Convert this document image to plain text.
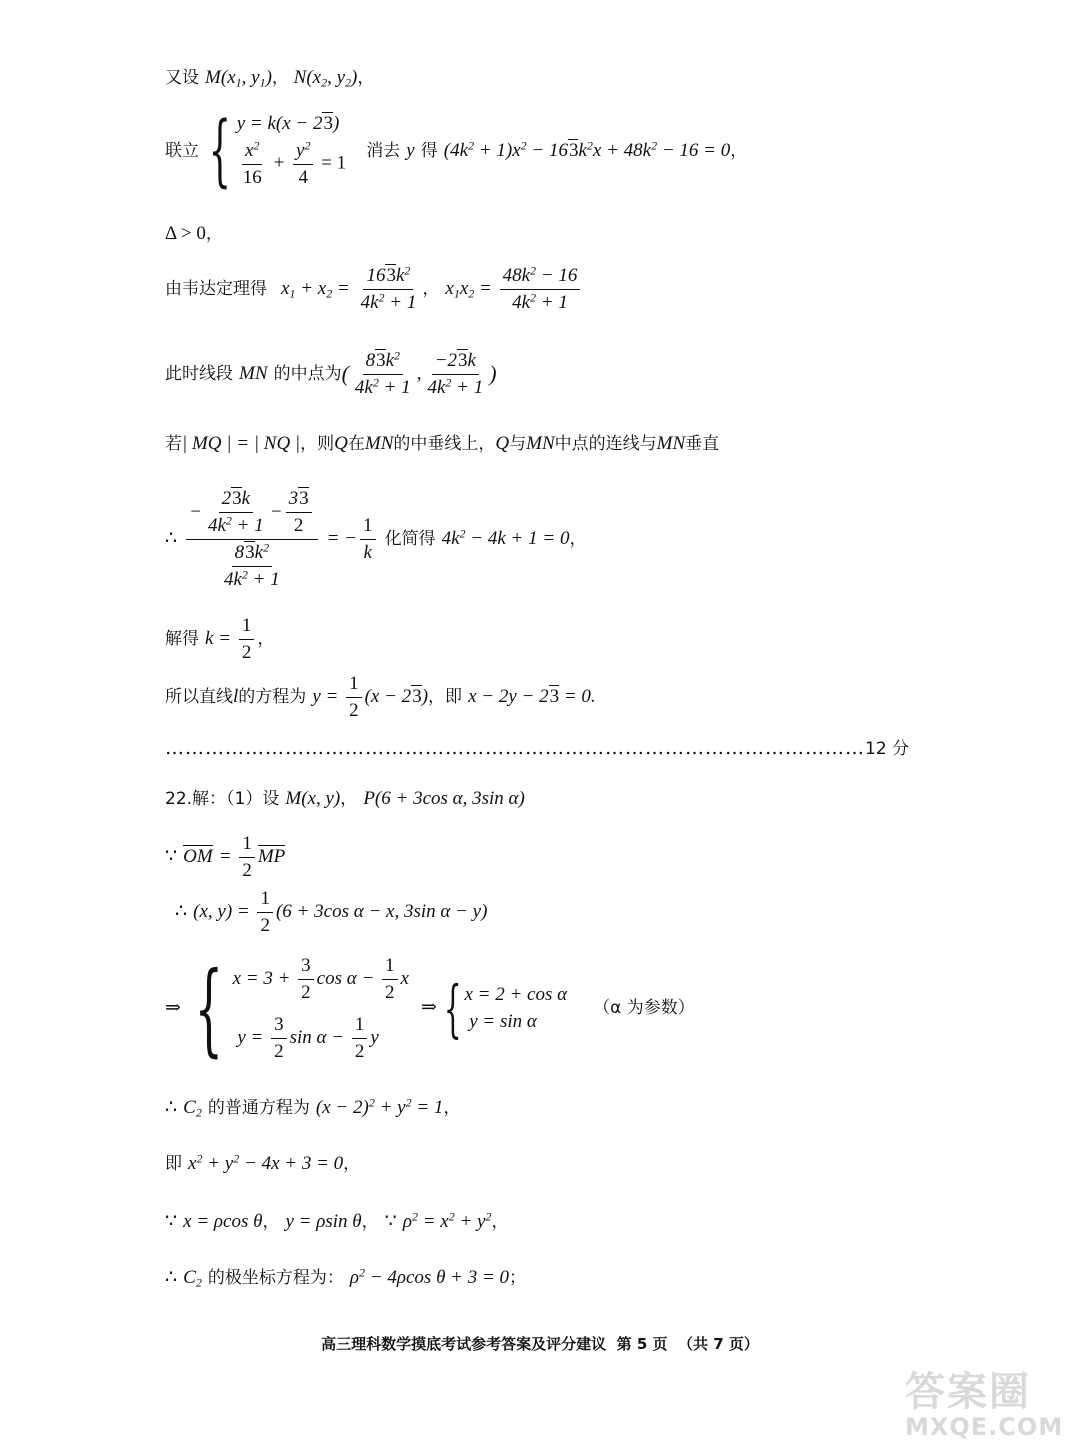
又设 $M(x_1$, $y_1$)， $N(x_2$, $y_2$)，
联立 { y = k(x − 23)
$\frac{x^2}{16} + \frac{y^2}{4} = 1$
消去 y 得 $(4k^2 + 1)x^2 - 163k^2x + 48k^2 - 16 = 0$，
Δ > 0，
由韦达定理得 $x_1 + x_2 = \frac{163k^2}{4k^2 + 1}$ ， $x_1x_2 = \frac{48k^2 - 16}{4k^2 + 1}$
此时线段 MN 的中点为( $\frac{83k^2}{4k^2 + 1}$ , $\frac{-23k}{4k^2 + 1}$ )
若| MQ | = | NQ |，则Q在MN的中垂线上，Q与MN中点的连线与MN垂直
∴ $\frac{- \frac{23k}{4k^2 + 1} - \frac{33}{2}}{\frac{83k^2}{4k^2 + 1}}$ = − $\frac{1}{k}$ 化简得 $4k^2 - 4k + 1 = 0$，
解得 $k = \frac{1}{2}$ ，
所以直线l的方程为 $y = \frac{1}{2} (x - 23)$，即 x − 2y − 23 = 0.
……………………………………………………………………………………………12 分
22.解：（1）设 M(x, y)， P(6 + 3cos α, 3sin α)
∵ OM = $\frac{1}{2}$ MP
∴ (x, $y) = \frac{1}{2} (6 + 3\cos$ α − x, 3sin α − y)
⇒ { $x = 3 + \frac{3}{2}$ $\cos \alpha - \frac{1}{2}$ x
$y = \frac{3}{2}$ $\sin \alpha - \frac{1}{2}$ y
⇒ { x = 2 + cos α
y = sin α
（α 为参数）
∴ $C_2$ 的普通方程为 $(x - 2)^2 + y^2 = 1$，
即 $x^2 + y^2 - 4x + 3 = 0$，
∵ x = ρcos θ， y = ρsin θ， ∵ $\rho^2 = x^2 + y^2$，
∴ $C_2$ 的极坐标方程为： $\rho^2 - 4\rho\cos$ θ + 3 = 0；
高三理科数学摸底考试参考答案及评分建议 第 5 页 （共 7 页）
答案圈
MXQE.COM
